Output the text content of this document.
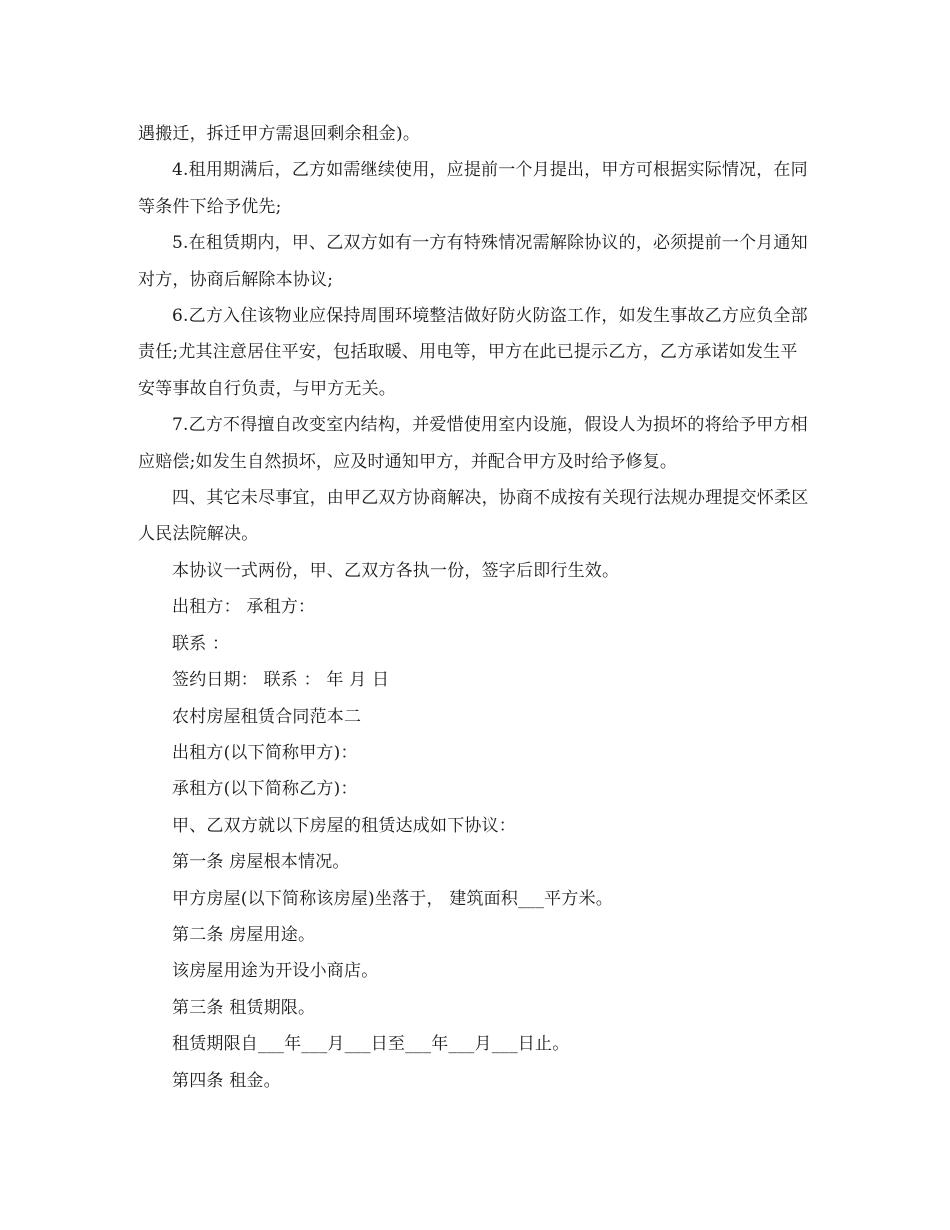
遇搬迁，拆迁甲方需退回剩余租金)。

4.租用期满后，乙方如需继续使用，应提前一个月提出，甲方可根据实际情况，在同等条件下给予优先;

5.在租赁期内，甲、乙双方如有一方有特殊情况需解除协议的，必须提前一个月通知对方，协商后解除本协议;

6.乙方入住该物业应保持周围环境整洁做好防火防盗工作，如发生事故乙方应负全部责任;尤其注意居住平安，包括取暖、用电等，甲方在此已提示乙方，乙方承诺如发生平安等事故自行负责，与甲方无关。

7.乙方不得擅自改变室内结构，并爱惜使用室内设施，假设人为损坏的将给予甲方相应赔偿;如发生自然损坏，应及时通知甲方，并配合甲方及时给予修复。

四、其它未尽事宜，由甲乙双方协商解决，协商不成按有关现行法规办理提交怀柔区人民法院解决。

本协议一式两份，甲、乙双方各执一份，签字后即行生效。

出租方： 承租方：

联系 ：

签约日期： 联系 ： 年 月 日

农村房屋租赁合同范本二

出租方(以下简称甲方)：

承租方(以下简称乙方)：

甲、乙双方就以下房屋的租赁达成如下协议：

第一条 房屋根本情况。

甲方房屋(以下简称该房屋)坐落于， 建筑面积___平方米。

第二条 房屋用途。

该房屋用途为开设小商店。

第三条 租赁期限。

租赁期限自___年___月___日至___年___月___日止。

第四条 租金。
